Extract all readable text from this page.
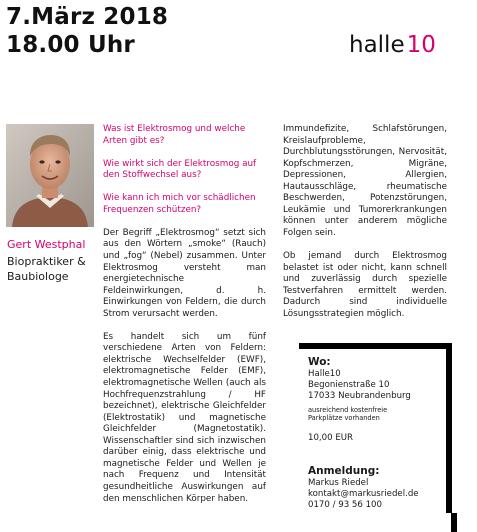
7.März 2018
18.00 Uhr	halle10
Gert Westphal
Biopraktiker &
Baubiologe

Was ist Elektrosmog und welche Arten gibt es?

Wie wirkt sich der Elektrosmog auf den Stoffwechsel aus?

Wie kann ich mich vor schädlichen Frequenzen schützen?

Der Begriff „Elektrosmog“ setzt sich aus den Wörtern „smoke“ (Rauch) und „fog“ (Nebel) zusammen. Unter Elektrosmog versteht man energietechnische Feldeinwirkungen, d. h. Einwirkungen von Feldern, die durch Strom verursacht werden.

Es handelt sich um fünf verschiedene Arten von Feldern: elektrische Wechselfelder (EWF), elektromagnetische Felder (EMF), elektromagnetische Wellen (auch als Hochfrequenzstrahlung / HF bezeichnet), elektrische Gleichfelder (Elektrostatik) und magnetische Gleichfelder (Magnetostatik). Wissenschaftler sind sich inzwischen darüber einig, dass elektrische und magnetische Felder und Wellen je nach Frequenz und Intensität gesundheitliche Auswirkungen auf den menschlichen Körper haben.

Immundefizite, Schlafstörungen, Kreislaufprobleme, Durchblutungsstörungen, Nervosität, Kopfschmerzen, Migräne, Depressionen, Allergien, Hautausschläge, rheumatische Beschwerden, Potenzstörungen, Leukämie und Tumorerkrankungen können unter anderem mögliche Folgen sein.

Ob jemand durch Elektrosmog belastet ist oder nicht, kann schnell und zuverlässig durch spezielle Testverfahren ermittelt werden. Dadurch sind individuelle Lösungsstrategien möglich.

Wo:
Halle10
Begonienstraße 10
17033 Neubrandenburg
ausreichend kostenfreie
Parkplätze vorhanden
10,00 EUR
Anmeldung:
Markus Riedel
kontakt@markusriedel.de
0170 / 93 56 100
